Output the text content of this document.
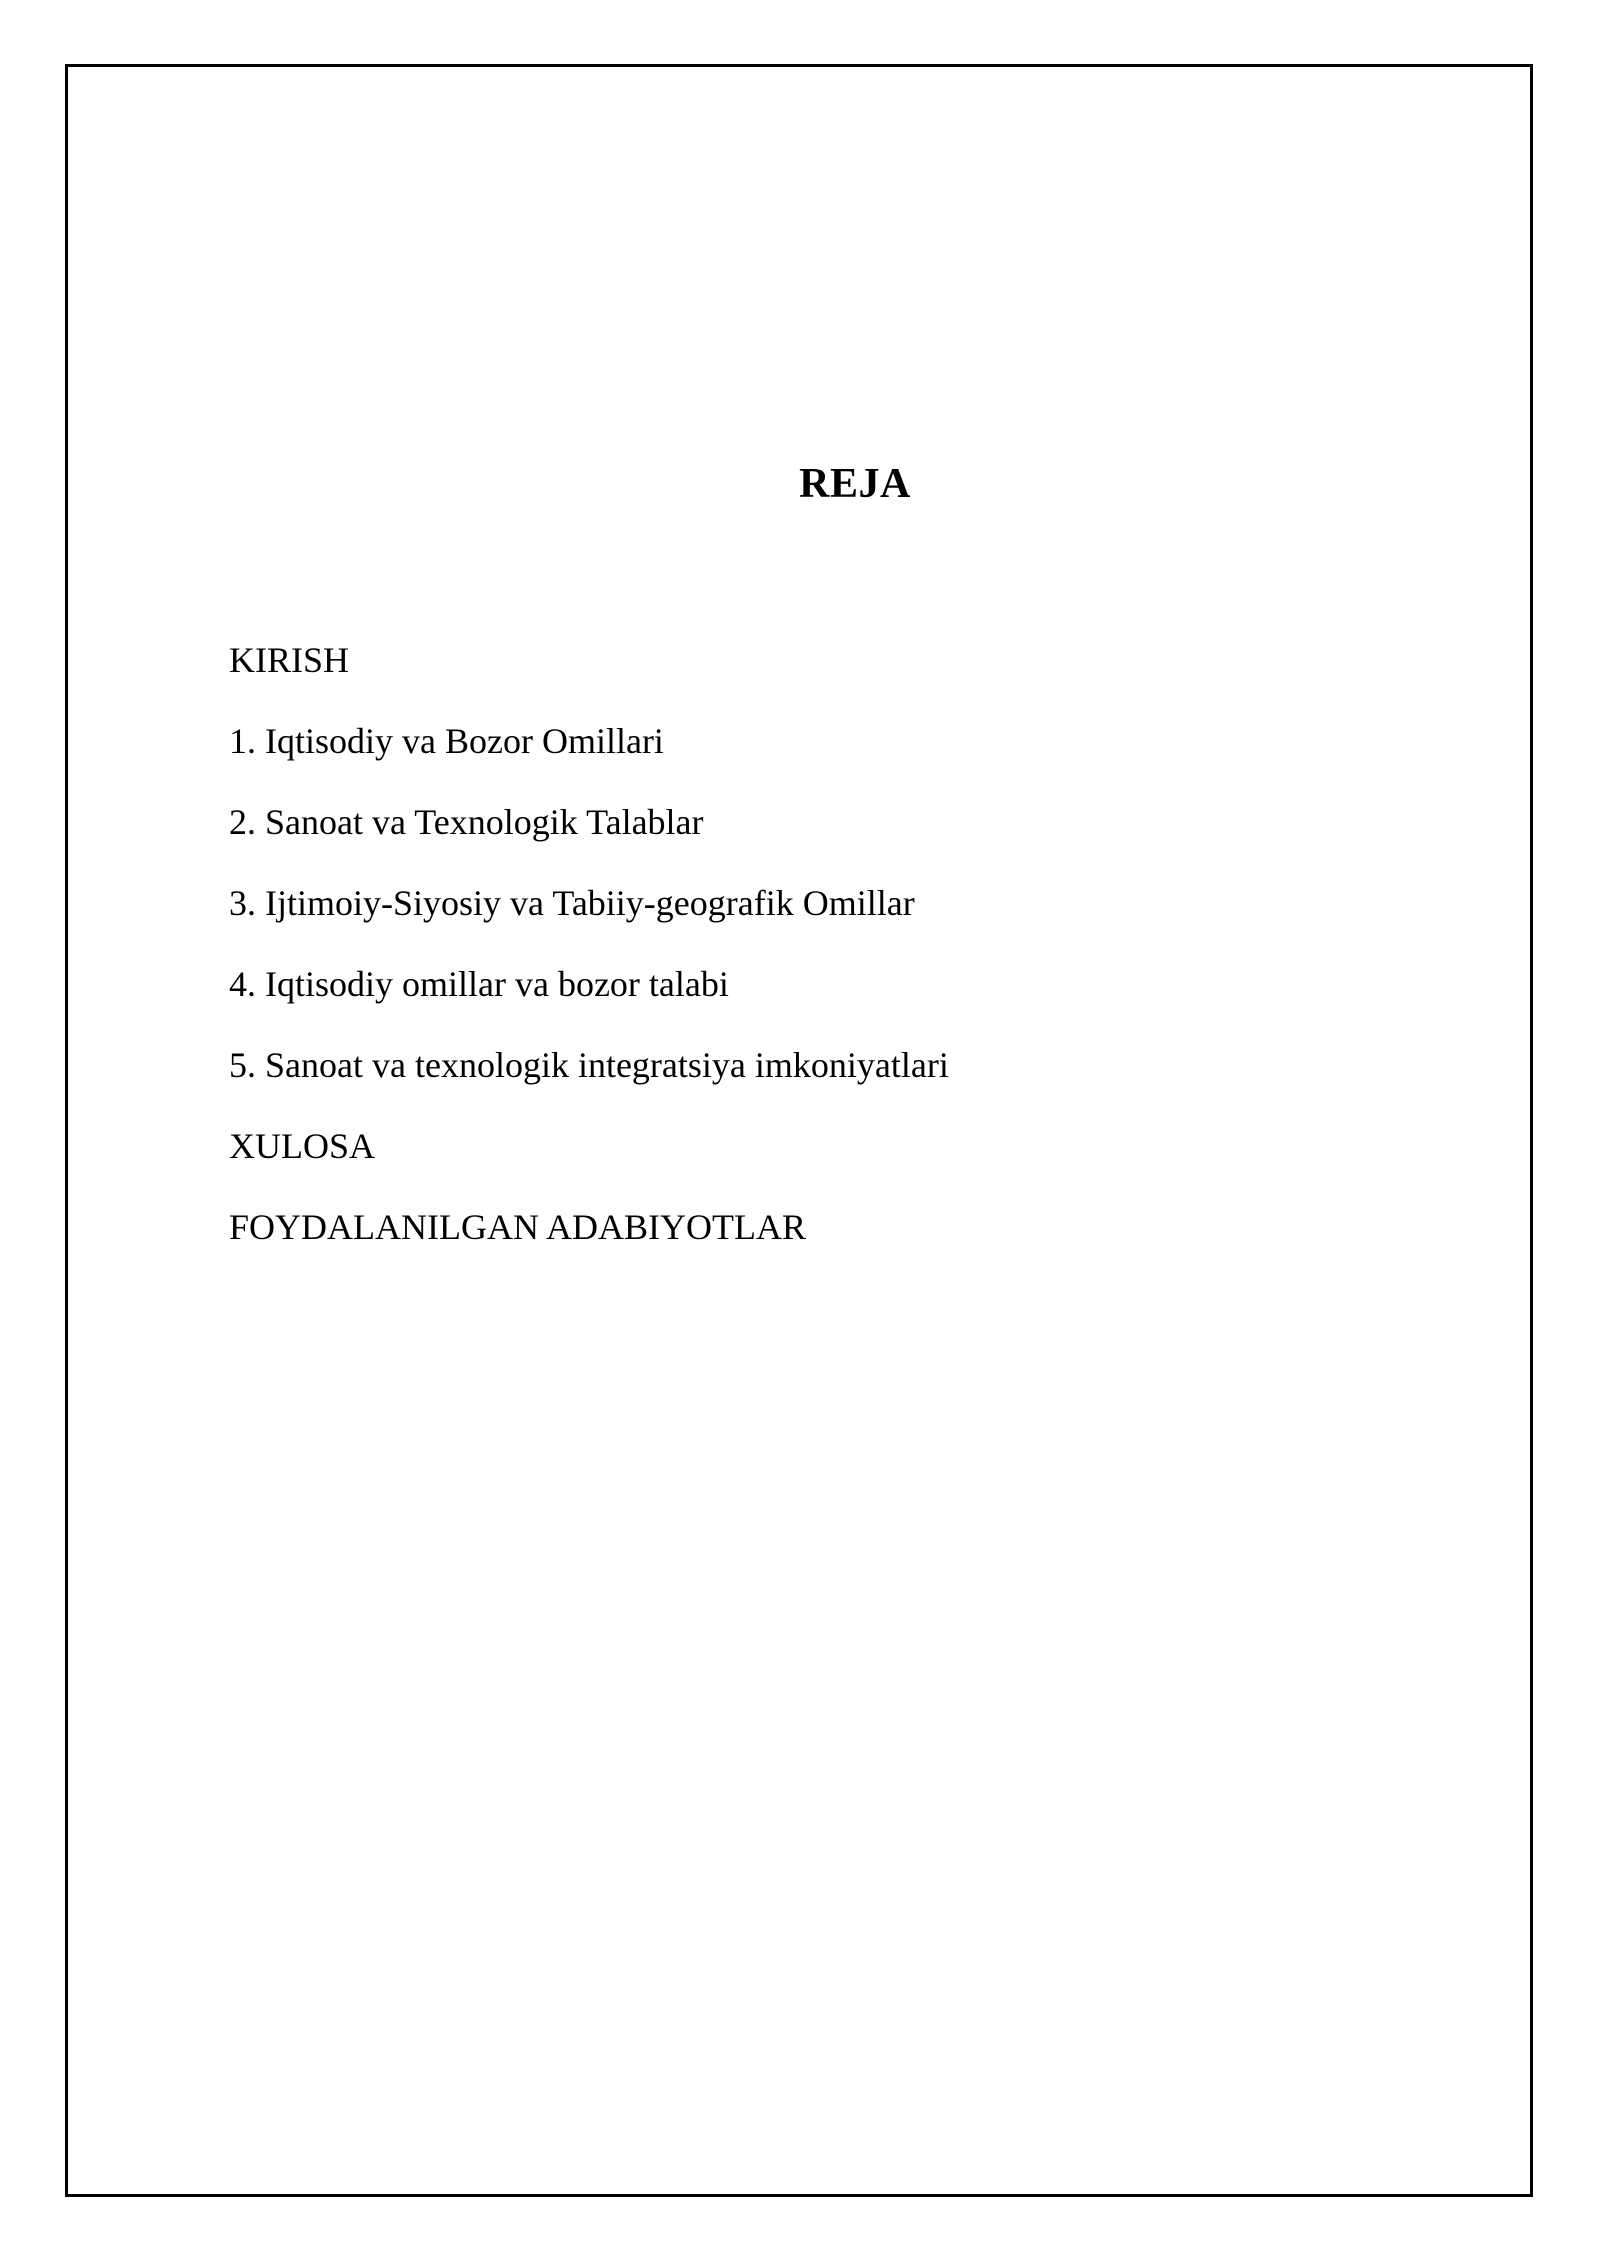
REJA
KIRISH
1. Iqtisodiy va Bozor Omillari
2. Sanoat va Texnologik Talablar
3. Ijtimoiy-Siyosiy va Tabiiy-geografik Omillar
4. Iqtisodiy omillar va bozor talabi
5. Sanoat va texnologik integratsiya imkoniyatlari
XULOSA
FOYDALANILGAN ADABIYOTLAR
